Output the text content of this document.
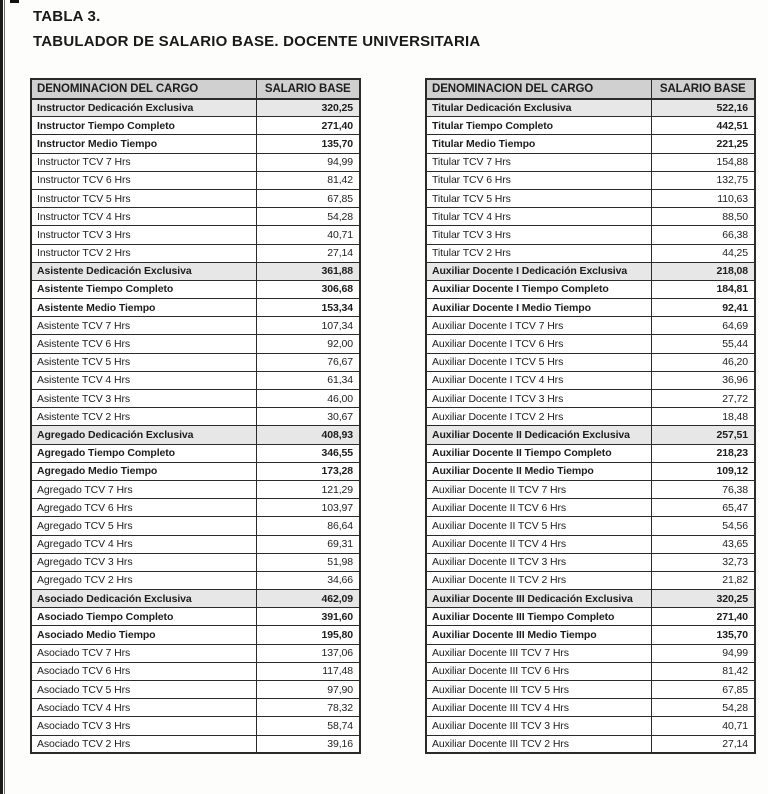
TABLA 3.
TABULADOR DE SALARIO BASE. DOCENTE UNIVERSITARIA
DENOMINACION DEL CARGO	SALARIO BASE
Instructor Dedicación Exclusiva	320,25
Instructor Tiempo Completo	271,40
Instructor Medio Tiempo	135,70
Instructor TCV 7 Hrs	94,99
Instructor TCV 6 Hrs	81,42
Instructor TCV 5 Hrs	67,85
Instructor TCV 4 Hrs	54,28
Instructor TCV 3 Hrs	40,71
Instructor TCV 2 Hrs	27,14
Asistente Dedicación Exclusiva	361,88
Asistente Tiempo Completo	306,68
Asistente Medio Tiempo	153,34
Asistente TCV 7 Hrs	107,34
Asistente TCV 6 Hrs	92,00
Asistente TCV 5 Hrs	76,67
Asistente TCV 4 Hrs	61,34
Asistente TCV 3 Hrs	46,00
Asistente TCV 2 Hrs	30,67
Agregado Dedicación Exclusiva	408,93
Agregado Tiempo Completo	346,55
Agregado Medio Tiempo	173,28
Agregado TCV 7 Hrs	121,29
Agregado TCV 6 Hrs	103,97
Agregado TCV 5 Hrs	86,64
Agregado TCV 4 Hrs	69,31
Agregado TCV 3 Hrs	51,98
Agregado TCV 2 Hrs	34,66
Asociado Dedicación Exclusiva	462,09
Asociado Tiempo Completo	391,60
Asociado Medio Tiempo	195,80
Asociado TCV 7 Hrs	137,06
Asociado TCV 6 Hrs	117,48
Asociado TCV 5 Hrs	97,90
Asociado TCV 4 Hrs	78,32
Asociado TCV 3 Hrs	58,74
Asociado TCV 2 Hrs	39,16
DENOMINACION DEL CARGO	SALARIO BASE
Titular Dedicación Exclusiva	522,16
Titular Tiempo Completo	442,51
Titular Medio Tiempo	221,25
Titular TCV 7 Hrs	154,88
Titular TCV 6 Hrs	132,75
Titular TCV 5 Hrs	110,63
Titular TCV 4 Hrs	88,50
Titular TCV 3 Hrs	66,38
Titular TCV 2 Hrs	44,25
Auxiliar Docente I Dedicación Exclusiva	218,08
Auxiliar Docente I Tiempo Completo	184,81
Auxiliar Docente I Medio Tiempo	92,41
Auxiliar Docente I TCV 7 Hrs	64,69
Auxiliar Docente I TCV 6 Hrs	55,44
Auxiliar Docente I TCV 5 Hrs	46,20
Auxiliar Docente I TCV 4 Hrs	36,96
Auxiliar Docente I TCV 3 Hrs	27,72
Auxiliar Docente I TCV 2 Hrs	18,48
Auxiliar Docente II Dedicación Exclusiva	257,51
Auxiliar Docente II Tiempo Completo	218,23
Auxiliar Docente II Medio Tiempo	109,12
Auxiliar Docente II TCV 7 Hrs	76,38
Auxiliar Docente II TCV 6 Hrs	65,47
Auxiliar Docente II TCV 5 Hrs	54,56
Auxiliar Docente II TCV 4 Hrs	43,65
Auxiliar Docente II TCV 3 Hrs	32,73
Auxiliar Docente II TCV 2 Hrs	21,82
Auxiliar Docente III Dedicación Exclusiva	320,25
Auxiliar Docente III Tiempo Completo	271,40
Auxiliar Docente III Medio Tiempo	135,70
Auxiliar Docente III TCV 7 Hrs	94,99
Auxiliar Docente III TCV 6 Hrs	81,42
Auxiliar Docente III TCV 5 Hrs	67,85
Auxiliar Docente III TCV 4 Hrs	54,28
Auxiliar Docente III TCV 3 Hrs	40,71
Auxiliar Docente III TCV 2 Hrs	27,14
